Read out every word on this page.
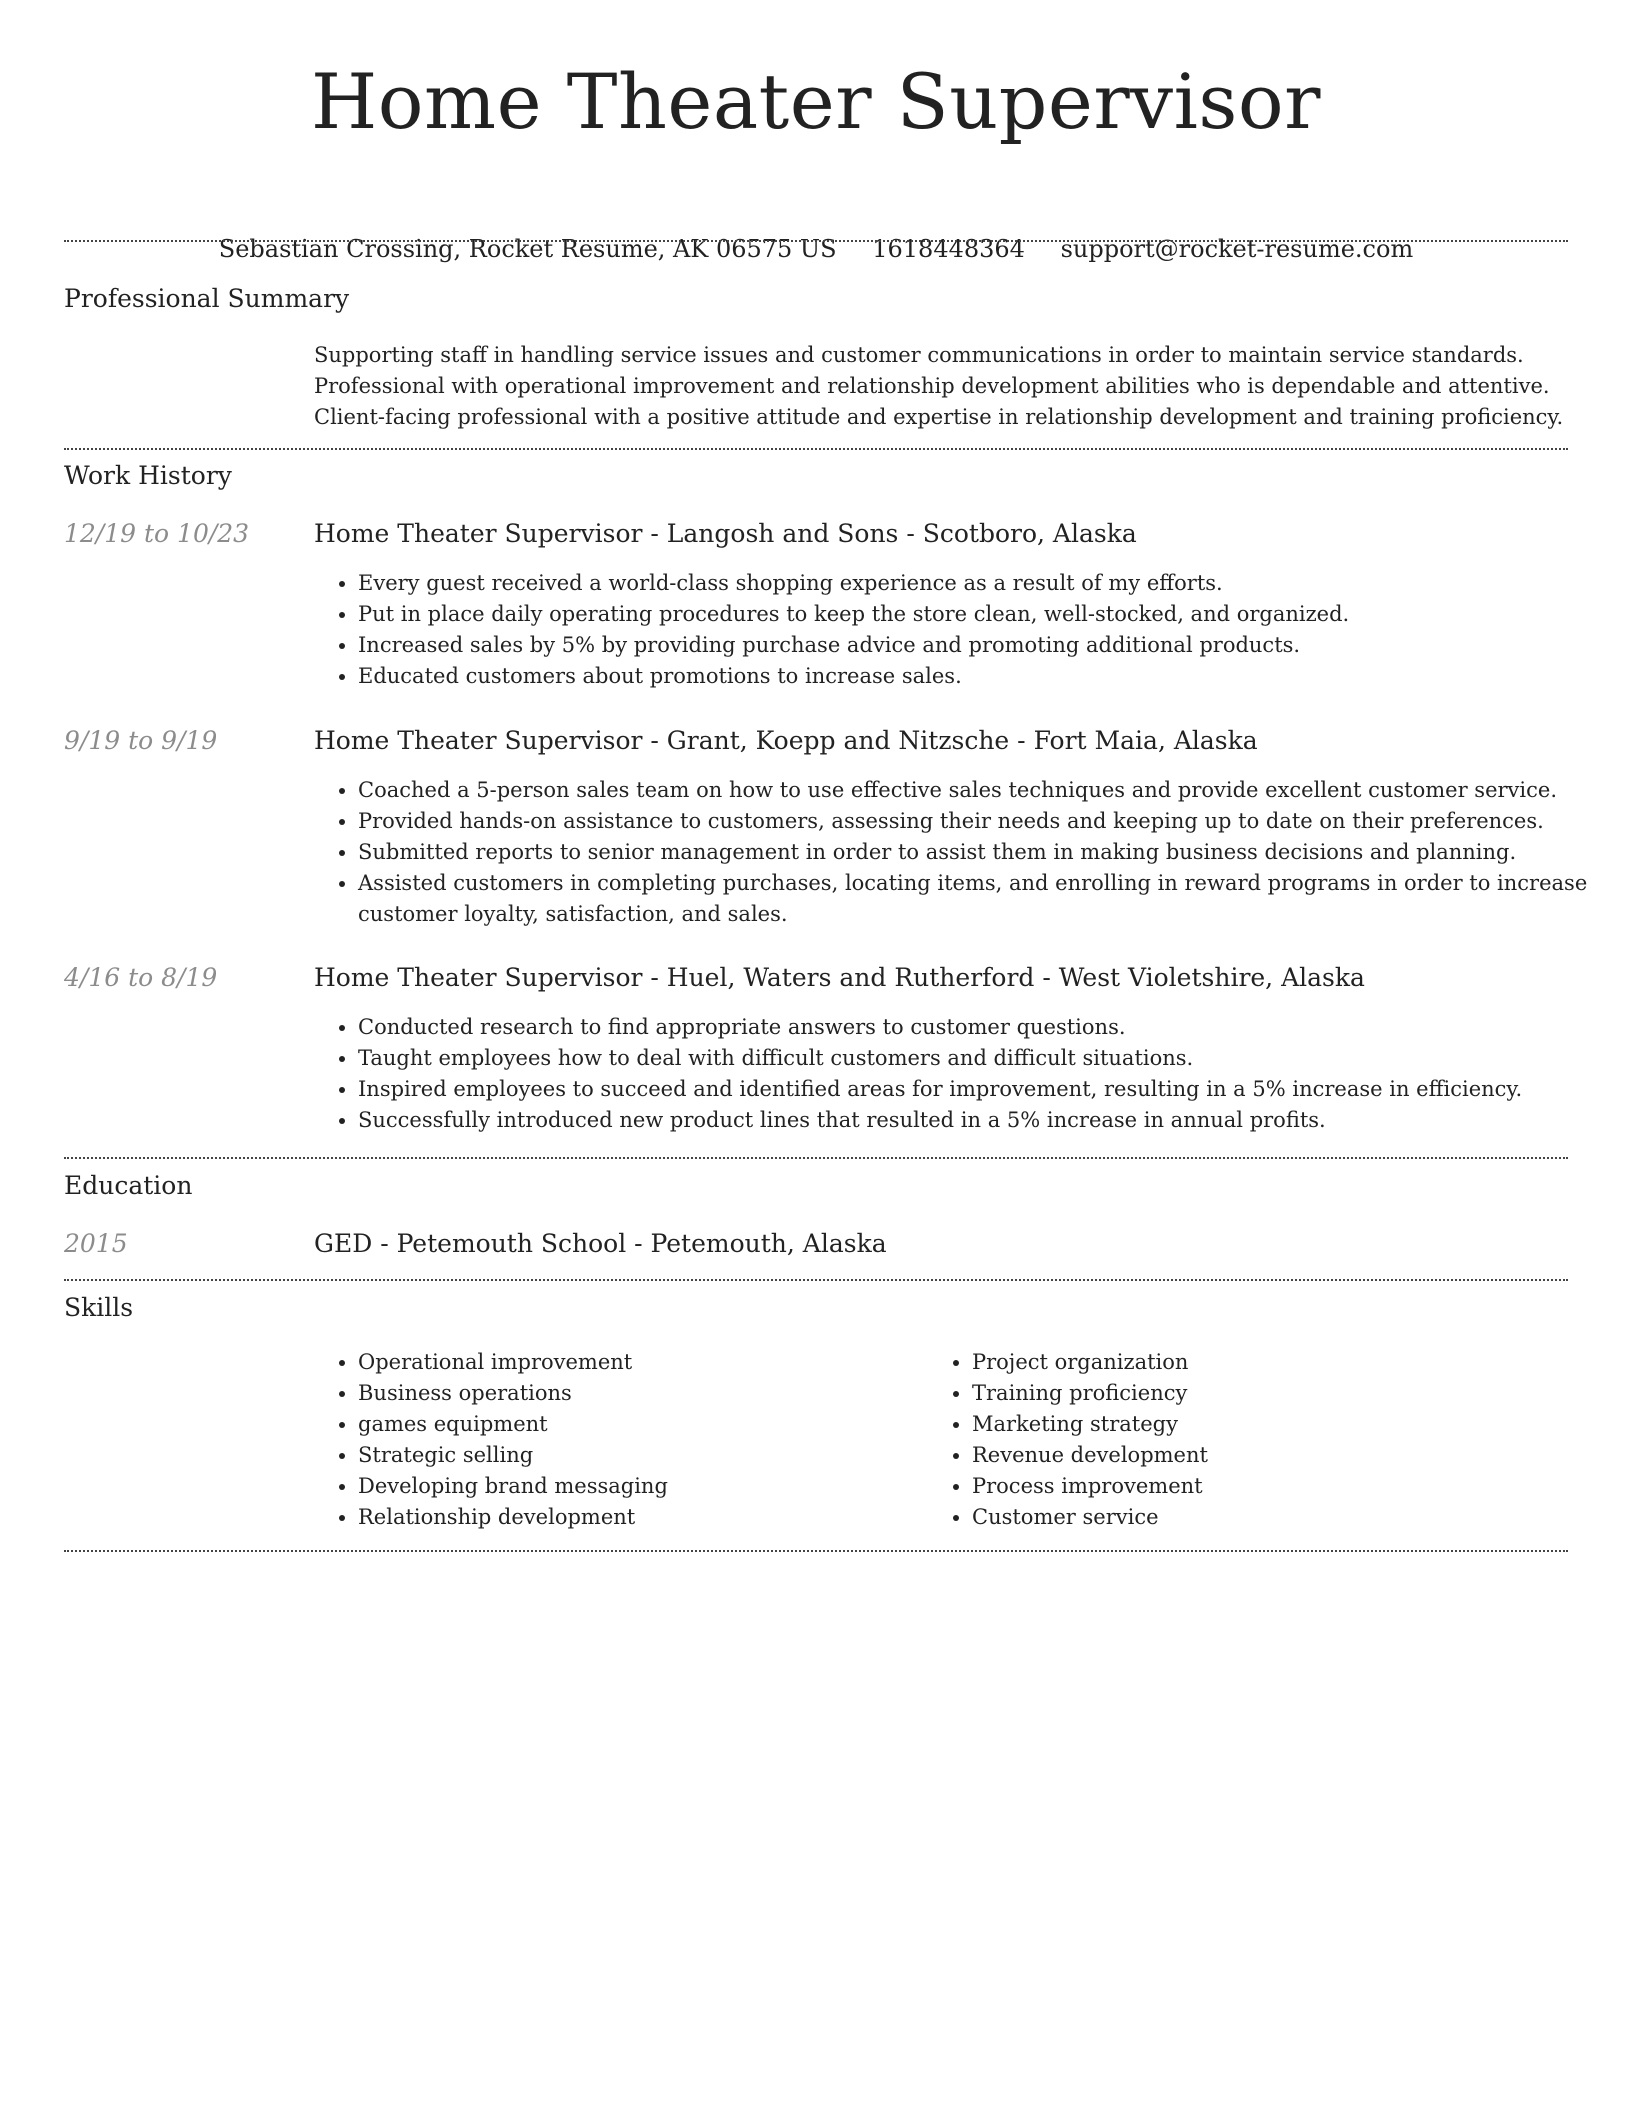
Home Theater Supervisor
Sebastian Crossing, Rocket Resume, AK 06575 US 1618448364 support@rocket-resume.com
Professional Summary

Supporting staff in handling service issues and customer communications in order to maintain service standards. Professional with operational improvement and relationship development abilities who is dependable and attentive. Client-facing professional with a positive attitude and expertise in relationship development and training proficiency.

Work History
12/19 to 10/23	Home Theater Supervisor - Langosh and Sons - Scotboro, Alaska
• Every guest received a world-class shopping experience as a result of my efforts.
• Put in place daily operating procedures to keep the store clean, well-stocked, and organized.
• Increased sales by 5% by providing purchase advice and promoting additional products.
• Educated customers about promotions to increase sales.
9/19 to 9/19	Home Theater Supervisor - Grant, Koepp and Nitzsche - Fort Maia, Alaska
• Coached a 5-person sales team on how to use effective sales techniques and provide excellent customer service.
• Provided hands-on assistance to customers, assessing their needs and keeping up to date on their preferences.
• Submitted reports to senior management in order to assist them in making business decisions and planning.
• Assisted customers in completing purchases, locating items, and enrolling in reward programs in order to increase customer loyalty, satisfaction, and sales.
4/16 to 8/19	Home Theater Supervisor - Huel, Waters and Rutherford - West Violetshire, Alaska
• Conducted research to find appropriate answers to customer questions.
• Taught employees how to deal with difficult customers and difficult situations.
• Inspired employees to succeed and identified areas for improvement, resulting in a 5% increase in efficiency.
• Successfully introduced new product lines that resulted in a 5% increase in annual profits.
Education
2015	GED - Petemouth School - Petemouth, Alaska
Skills
• Operational improvement
• Business operations
• games equipment
• Strategic selling
• Developing brand messaging
• Relationship development
• Project organization
• Training proficiency
• Marketing strategy
• Revenue development
• Process improvement
• Customer service
